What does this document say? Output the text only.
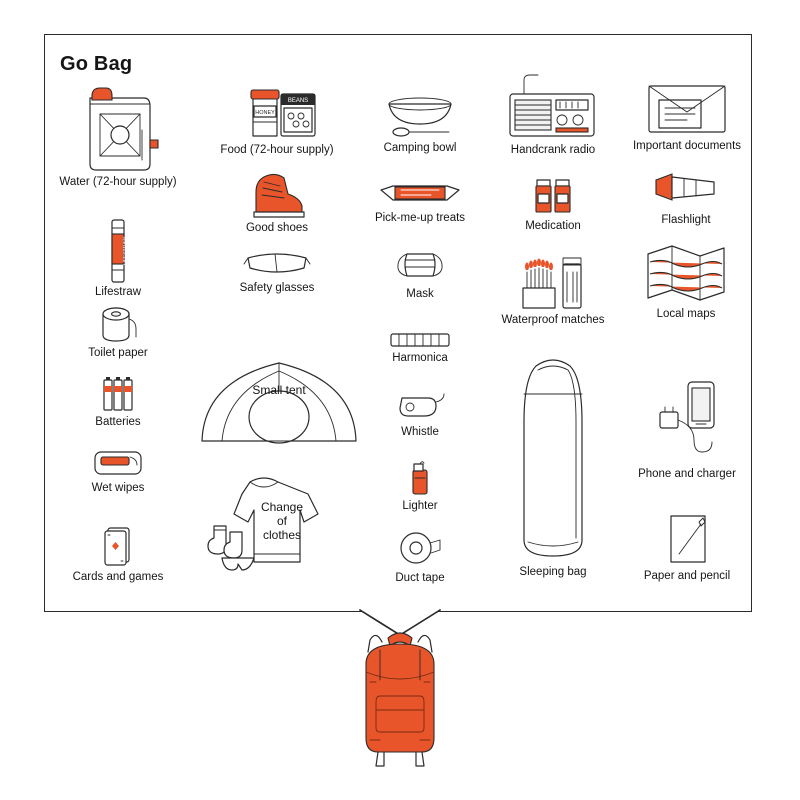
Go Bag
Water (72-hour supply)
LIFESTRAW
Lifestraw
Toilet paper
Batteries
Wet wipes
Cards and games
HONEY
BEANS
Food (72-hour supply)
Good shoes
Safety glasses
Small tent
Change
of
clothes
Camping bowl
Pick-me-up treats
Mask
Harmonica
Whistle
Lighter
Duct tape
Handcrank radio
Medication
Waterproof matches
Sleeping bag
Important documents
Flashlight
Local maps
Phone and charger
Paper and pencil
